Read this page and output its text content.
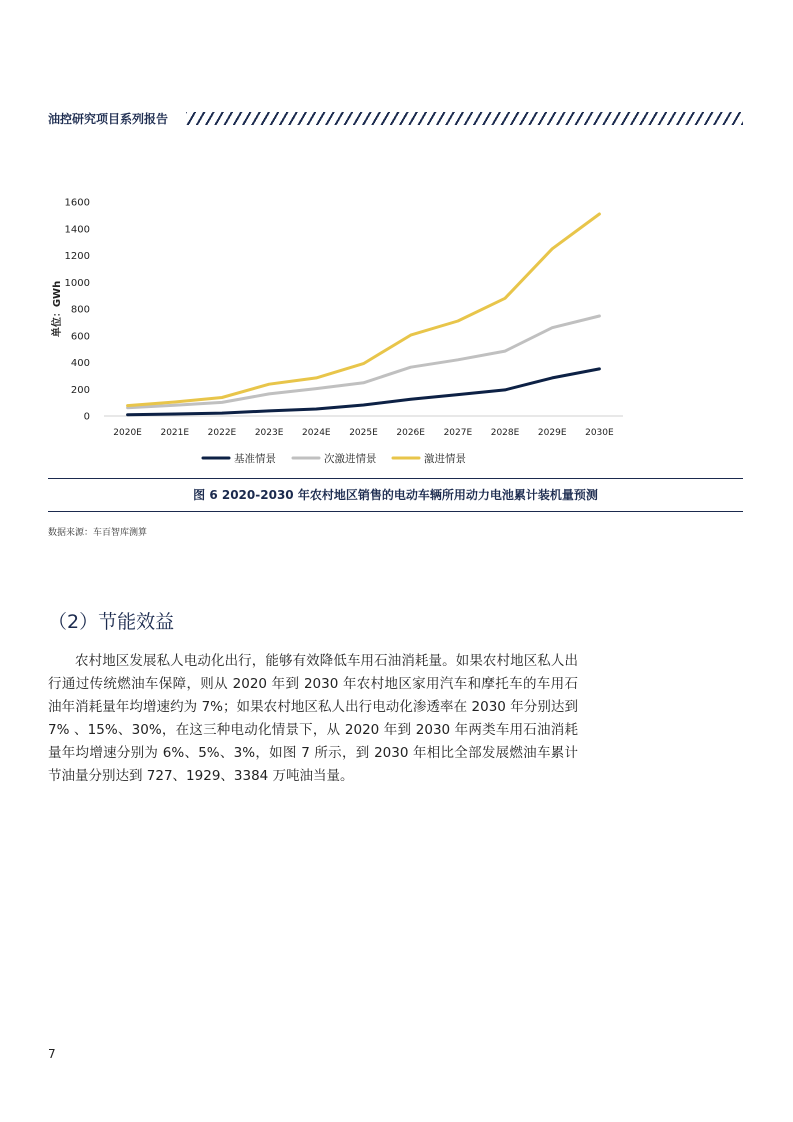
油控研究项目系列报告
0
200
400
600
800
1000
1200
1400
1600
2020E 2021E 2022E 2023E 2024E 2025E 2026E 2027E 2028E 2029E 2030E
单位：GWh
基准情景	次激进情景	激进情景
图 6 2020-2030 年农村地区销售的电动车辆所用动力电池累计装机量预测
数据来源：车百智库测算
（2）节能效益
农村地区发展私人电动化出行，能够有效降低车用石油消耗量。如果农村地区私人出行通过传统燃油车保障，则从 2020 年到 2030 年农村地区家用汽车和摩托车的车用石油年消耗量年均增速约为 7%；如果农村地区私人出行电动化渗透率在 2030 年分别达到 7% 、15%、30%，在这三种电动化情景下，从 2020 年到 2030 年两类车用石油消耗量年均增速分别为 6%、5%、3%，如图 7 所示，到 2030 年相比全部发展燃油车累计节油量分别达到 727、1929、3384 万吨油当量。
7
